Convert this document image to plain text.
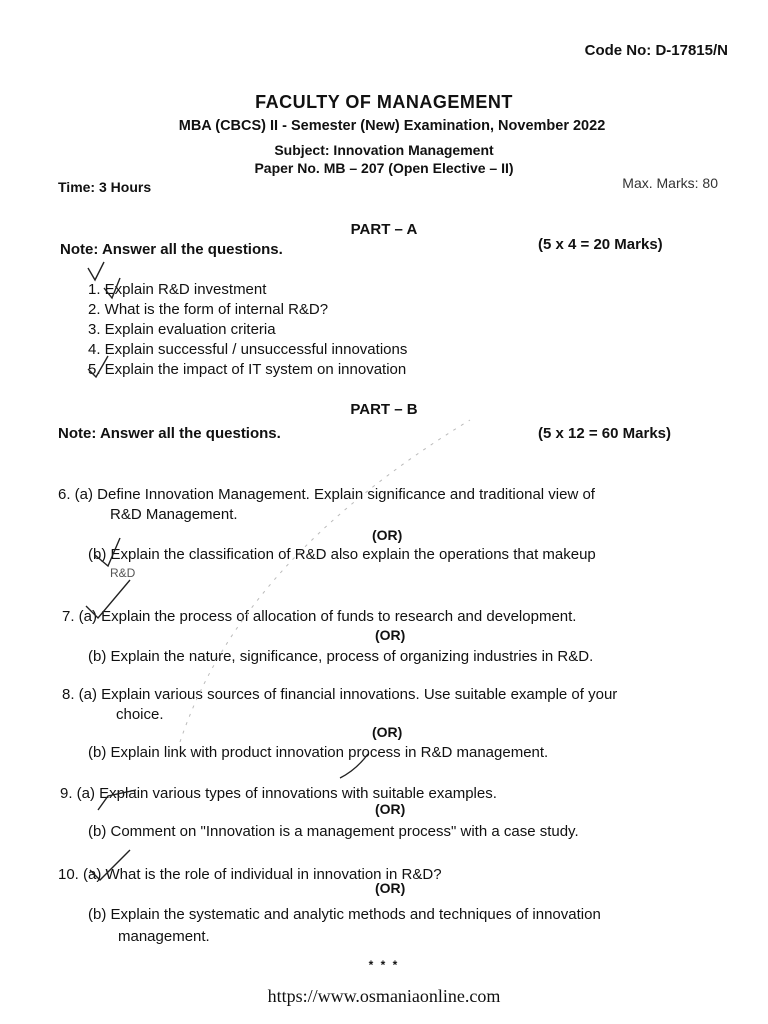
Code No: D-17815/N
FACULTY OF MANAGEMENT
MBA (CBCS) II - Semester (New) Examination, November 2022
Subject: Innovation Management
Paper No. MB – 207 (Open Elective – II)
Time: 3 Hours	Max. Marks: 80
PART – A
Note: Answer all the questions.	(5 x 4 = 20 Marks)
1. Explain R&D investment
2. What is the form of internal R&D?
3. Explain evaluation criteria
4. Explain successful / unsuccessful innovations
5. Explain the impact of IT system on innovation
PART – B
Note: Answer all the questions.	(5 x 12 = 60 Marks)
6. (a) Define Innovation Management. Explain significance and traditional view of
R&D Management.
(OR)
(b) Explain the classification of R&D also explain the operations that makeup
R&D
7. (a) Explain the process of allocation of funds to research and development.
(OR)
(b) Explain the nature, significance, process of organizing industries in R&D.
8. (a) Explain various sources of financial innovations. Use suitable example of your
choice.
(OR)
(b) Explain link with product innovation process in R&D management.
9. (a) Explain various types of innovations with suitable examples.
(OR)
(b) Comment on "Innovation is a management process" with a case study.
10. (a) What is the role of individual in innovation in R&D?
(OR)
(b) Explain the systematic and analytic methods and techniques of innovation
management.
* * *
https://www.osmaniaonline.com
